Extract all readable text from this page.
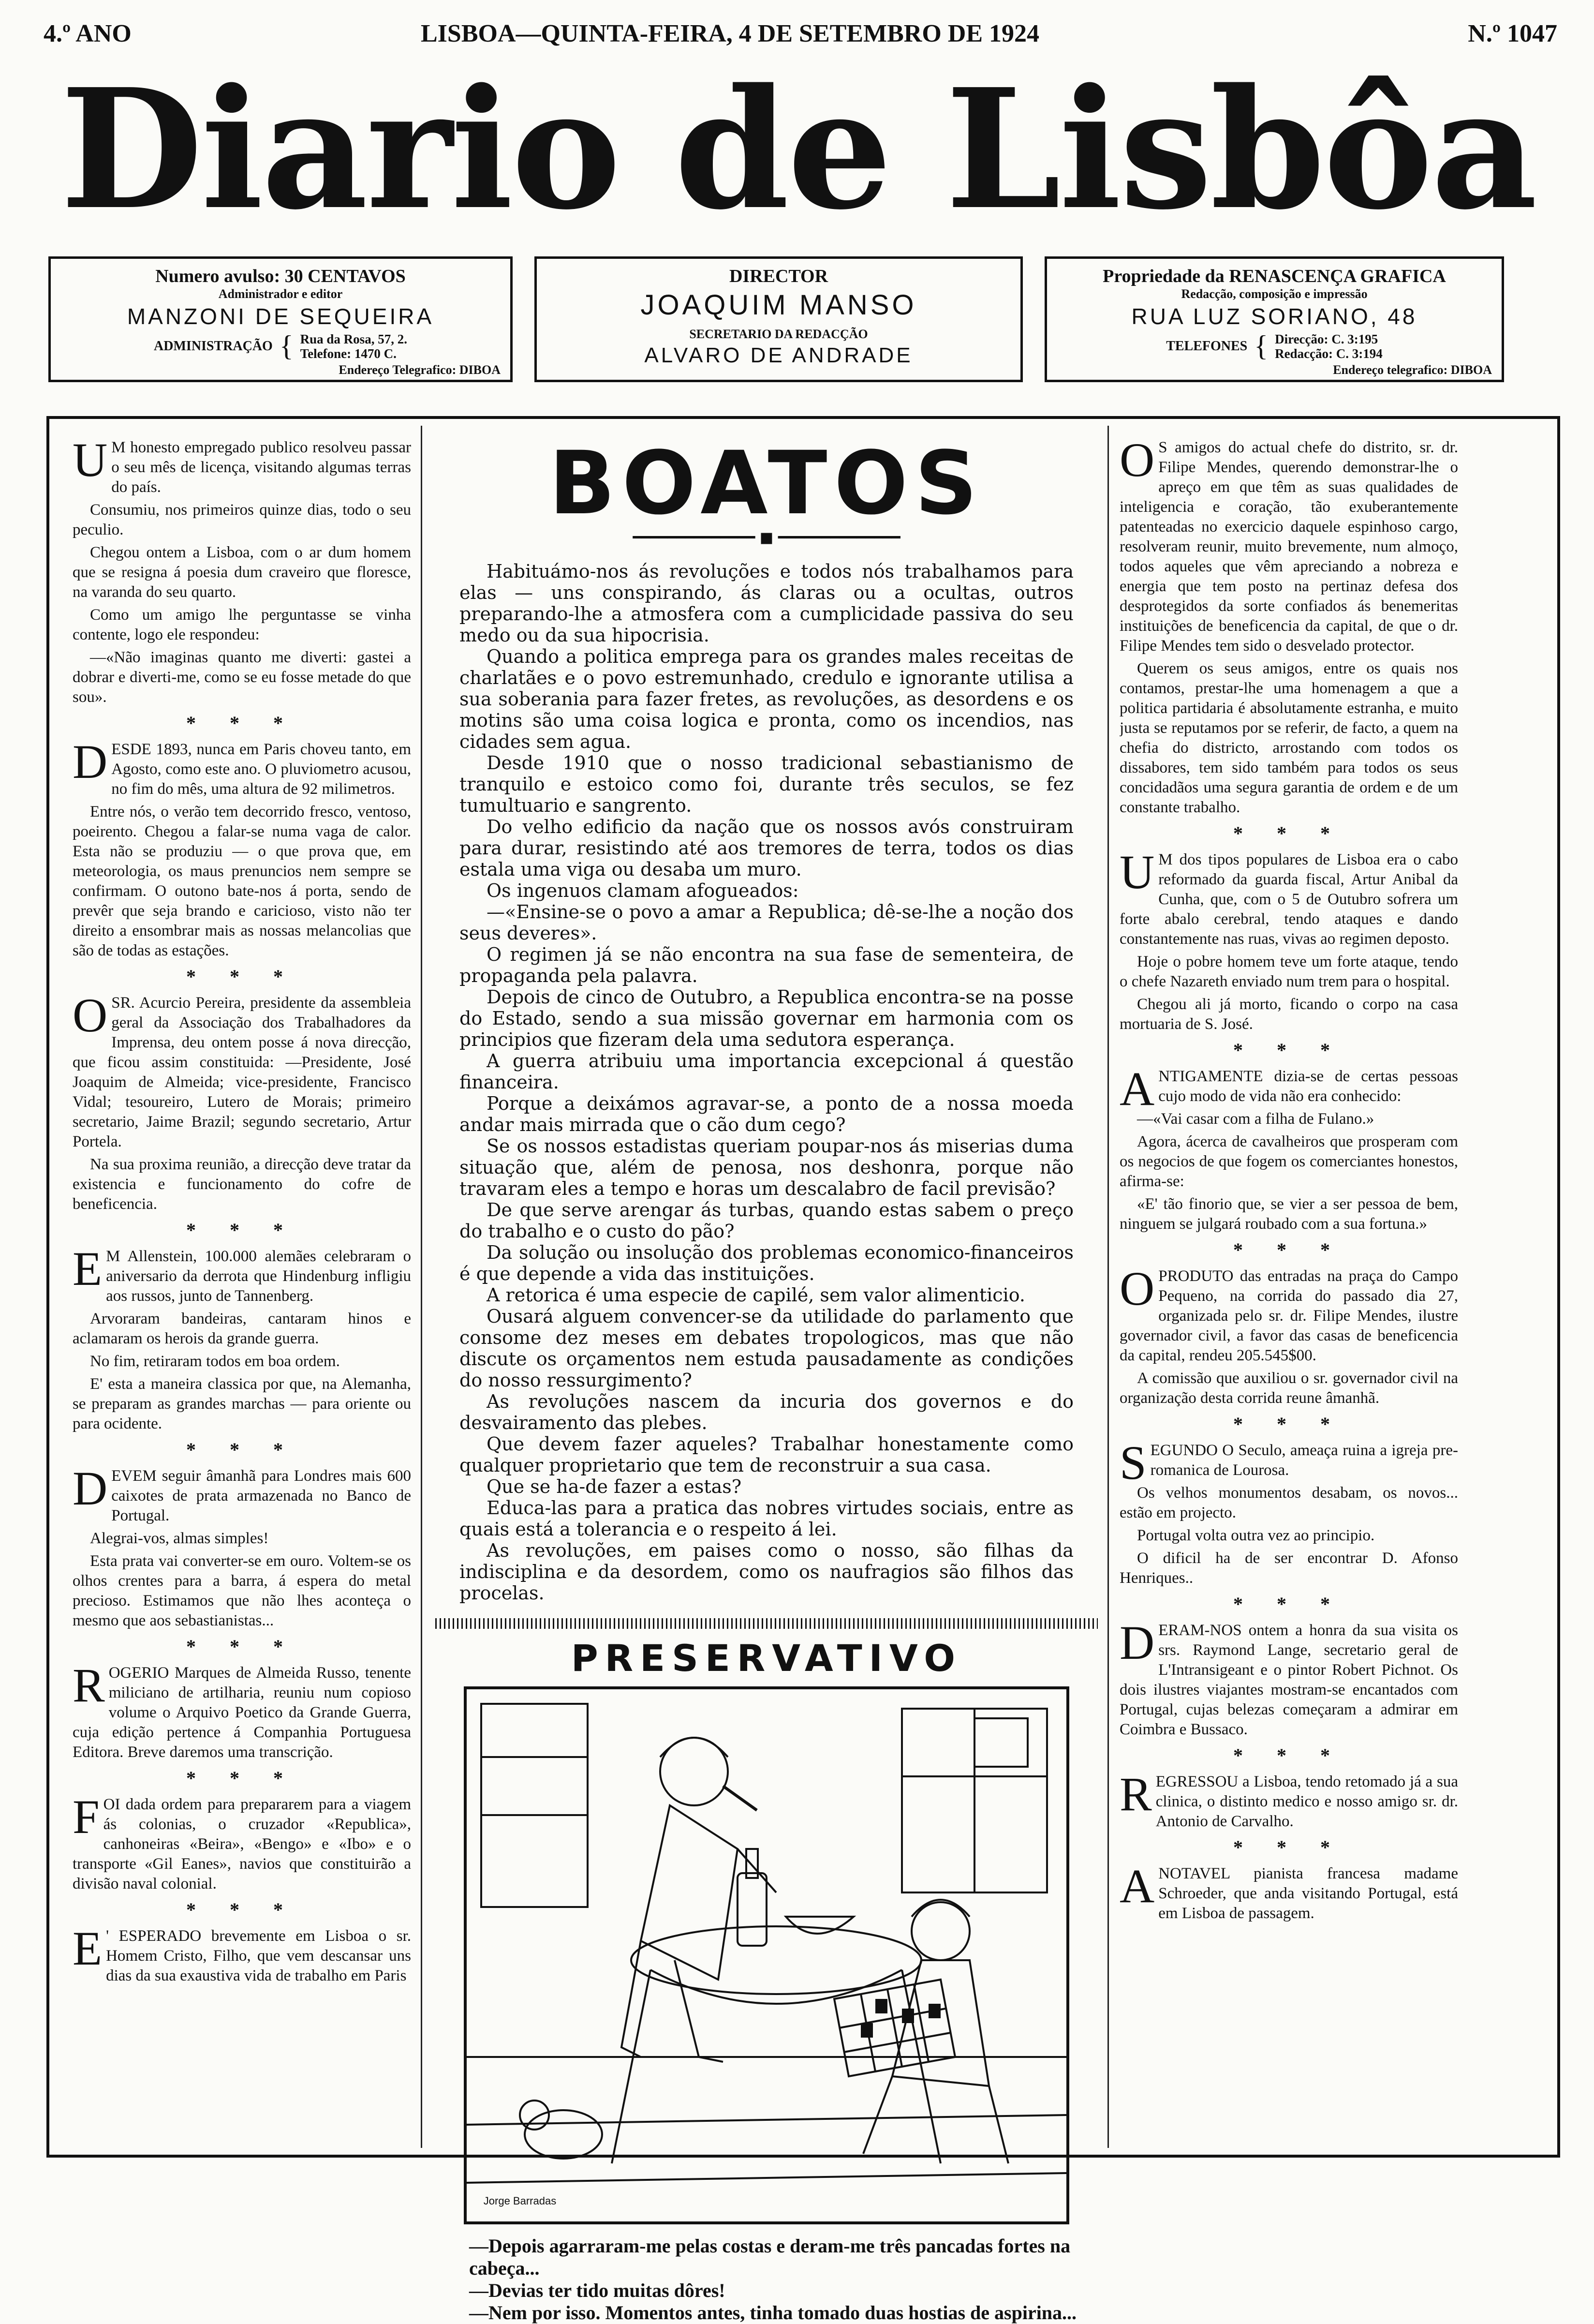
4.º ANO	LISBOA—QUINTA-FEIRA, 4 DE SETEMBRO DE 1924	N.º 1047
Diario de Lisbôa
Numero avulso: 30 CENTAVOS
Administrador e editor
MANZONI DE SEQUEIRA
ADMINISTRAÇÃO { Rua da Rosa, 57, 2.
Telefone: 1470 C.
Endereço Telegrafico: DIBOA
DIRECTOR
JOAQUIM MANSO
SECRETARIO DA REDACÇÃO
ALVARO DE ANDRADE
Propriedade da RENASCENÇA GRAFICA
Redacção, composição e impressão
RUA LUZ SORIANO, 48
TELEFONES { Direcção: C. 3:195
Redacção: C. 3:194
Endereço telegrafico: DIBOA

U M honesto empregado publico resolveu passar o seu mês de licença, visitando algumas terras do país.

Consumiu, nos primeiros quinze dias, todo o seu peculio.

Chegou ontem a Lisboa, com o ar dum homem que se resigna á poesia dum craveiro que floresce, na varanda do seu quarto.

Como um amigo lhe perguntasse se vinha contente, logo ele respondeu:

—«Não imaginas quanto me diverti: gastei a dobrar e diverti-me, como se eu fosse metade do que sou».

* * *

DESDE 1893, nunca em Paris choveu tanto, em Agosto, como este ano. O pluviometro acusou, no fim do mês, uma altura de 92 milimetros.

Entre nós, o verão tem decorrido fresco, ventoso, poeirento. Chegou a falar-se numa vaga de calor. Esta não se produziu — o que prova que, em meteorologia, os maus prenuncios nem sempre se confirmam. O outono bate-nos á porta, sendo de prevêr que seja brando e caricioso, visto não ter direito a ensombrar mais as nossas melancolias que são de todas as estações.

* * *

O SR. Acurcio Pereira, presidente da assembleia geral da Associação dos Trabalhadores da Imprensa, deu ontem posse á nova direcção, que ficou assim constituida: —Presidente, José Joaquim de Almeida; vice-presidente, Francisco Vidal; tesoureiro, Lutero de Morais; primeiro secretario, Jaime Brazil; segundo secretario, Artur Portela.

Na sua proxima reunião, a direcção deve tratar da existencia e funcionamento do cofre de beneficencia.

* * *

E M Allenstein, 100.000 alemães celebraram o aniversario da derrota que Hindenburg infligiu aos russos, junto de Tannenberg.

Arvoraram bandeiras, cantaram hinos e aclamaram os herois da grande guerra.

No fim, retiraram todos em boa ordem.

E' esta a maneira classica por que, na Alemanha, se preparam as grandes marchas — para oriente ou para ocidente.

* * *

DEVEM seguir âmanhã para Londres mais 600 caixotes de prata armazenada no Banco de Portugal.

Alegrai-vos, almas simples!

Esta prata vai converter-se em ouro. Voltem-se os olhos crentes para a barra, á espera do metal precioso. Estimamos que não lhes aconteça o mesmo que aos sebastianistas...

* * *

ROGERIO Marques de Almeida Russo, tenente miliciano de artilharia, reuniu num copioso volume o Arquivo Poetico da Grande Guerra, cuja edição pertence á Companhia Portuguesa Editora. Breve daremos uma transcrição.

* * *

FOI dada ordem para prepararem para a viagem ás colonias, o cruzador «Republica», canhoneiras «Beira», «Bengo» e «Ibo» e o transporte «Gil Eanes», navios que constituirão a divisão naval colonial.

* * *

E ' ESPERADO brevemente em Lisboa o sr. Homem Cristo, Filho, que vem descansar uns dias da sua exaustiva vida de trabalho em Paris

BOATOS
━━━━━━━━━━━━━━ ■ ━━━━━━━━━━━━━━

Habituámo-nos ás revoluções e todos nós trabalhamos para elas — uns conspirando, ás claras ou a ocultas, outros preparando-lhe a atmosfera com a cumplicidade passiva do seu medo ou da sua hipocrisia.

Quando a politica emprega para os grandes males receitas de charlatães e o povo estremunhado, credulo e ignorante utilisa a sua soberania para fazer fretes, as revoluções, as desordens e os motins são uma coisa logica e pronta, como os incendios, nas cidades sem agua.

Desde 1910 que o nosso tradicional sebastianismo de tranquilo e estoico como foi, durante três seculos, se fez tumultuario e sangrento.

Do velho edificio da nação que os nossos avós construiram para durar, resistindo até aos tremores de terra, todos os dias estala uma viga ou desaba um muro.

Os ingenuos clamam afogueados:

—«Ensine-se o povo a amar a Republica; dê-se-lhe a noção dos seus deveres».

O regimen já se não encontra na sua fase de sementeira, de propaganda pela palavra.

Depois de cinco de Outubro, a Republica encontra-se na posse do Estado, sendo a sua missão governar em harmonia com os principios que fizeram dela uma sedutora esperança.

A guerra atribuiu uma importancia excepcional á questão financeira.

Porque a deixámos agravar-se, a ponto de a nossa moeda andar mais mirrada que o cão dum cego?

Se os nossos estadistas queriam poupar-nos ás miserias duma situação que, além de penosa, nos deshonra, porque não travaram eles a tempo e horas um descalabro de facil previsão?

De que serve arengar ás turbas, quando estas sabem o preço do trabalho e o custo do pão?

Da solução ou insolução dos problemas economico-financeiros é que depende a vida das instituições.

A retorica é uma especie de capilé, sem valor alimenticio.

Ousará alguem convencer-se da utilidade do parlamento que consome dez meses em debates tropologicos, mas que não discute os orçamentos nem estuda pausadamente as condições do nosso ressurgimento?

As revoluções nascem da incuria dos governos e do desvairamento das plebes.

Que devem fazer aqueles? Trabalhar honestamente como qualquer proprietario que tem de reconstruir a sua casa.

Que se ha-de fazer a estas?

Educa-las para a pratica das nobres virtudes sociais, entre as quais está a tolerancia e o respeito á lei.

As revoluções, em paises como o nosso, são filhas da indisciplina e da desordem, como os naufragios são filhos das procelas.

PRESERVATIVO
Jorge Barradas
—Depois agarraram-me pelas costas e deram-me três pancadas fortes na cabeça...
—Devias ter tido muitas dôres!
—Nem por isso. Momentos antes, tinha tomado duas hostias de aspirina...

O S amigos do actual chefe do distrito, sr. dr. Filipe Mendes, querendo demonstrar-lhe o apreço em que têm as suas qualidades de inteligencia e coração, tão exuberantemente patenteadas no exercicio daquele espinhoso cargo, resolveram reunir, muito brevemente, num almoço, todos aqueles que vêm apreciando a nobreza e energia que tem posto na pertinaz defesa dos desprotegidos da sorte confiados ás benemeritas instituições de beneficencia da capital, de que o dr. Filipe Mendes tem sido o desvelado protector.

Querem os seus amigos, entre os quais nos contamos, prestar-lhe uma homenagem a que a politica partidaria é absolutamente estranha, e muito justa se reputamos por se referir, de facto, a quem na chefia do districto, arrostando com todos os dissabores, tem sido também para todos os seus concidadãos uma segura garantia de ordem e de um constante trabalho.

* * *

U M dos tipos populares de Lisboa era o cabo reformado da guarda fiscal, Artur Anibal da Cunha, que, com o 5 de Outubro sofrera um forte abalo cerebral, tendo ataques e dando constantemente nas ruas, vivas ao regimen deposto.

Hoje o pobre homem teve um forte ataque, tendo o chefe Nazareth enviado num trem para o hospital.

Chegou ali já morto, ficando o corpo na casa mortuaria de S. José.

* * *

ANTIGAMENTE dizia-se de certas pessoas cujo modo de vida não era conhecido:

—«Vai casar com a filha de Fulano.»

Agora, ácerca de cavalheiros que prosperam com os negocios de que fogem os comerciantes honestos, afirma-se:

«E' tão finorio que, se vier a ser pessoa de bem, ninguem se julgará roubado com a sua fortuna.»

* * *

O PRODUTO das entradas na praça do Campo Pequeno, na corrida do passado dia 27, organizada pelo sr. dr. Filipe Mendes, ilustre governador civil, a favor das casas de beneficencia da capital, rendeu 205.545$00.

A comissão que auxiliou o sr. governador civil na organização desta corrida reune âmanhã.

* * *

SEGUNDO O Seculo, ameaça ruina a igreja pre-romanica de Lourosa.

Os velhos monumentos desabam, os novos... estão em projecto.

Portugal volta outra vez ao principio.

O dificil ha de ser encontrar D. Afonso Henriques..

* * *

DERAM-NOS ontem a honra da sua visita os srs. Raymond Lange, secretario geral de L'Intransigeant e o pintor Robert Pichnot. Os dois ilustres viajantes mostram-se encantados com Portugal, cujas belezas começaram a admirar em Coimbra e Bussaco.

* * *

REGRESSOU a Lisboa, tendo retomado já a sua clinica, o distinto medico e nosso amigo sr. dr. Antonio de Carvalho.

* * *

A NOTAVEL pianista francesa madame Schroeder, que anda visitando Portugal, está em Lisboa de passagem.
